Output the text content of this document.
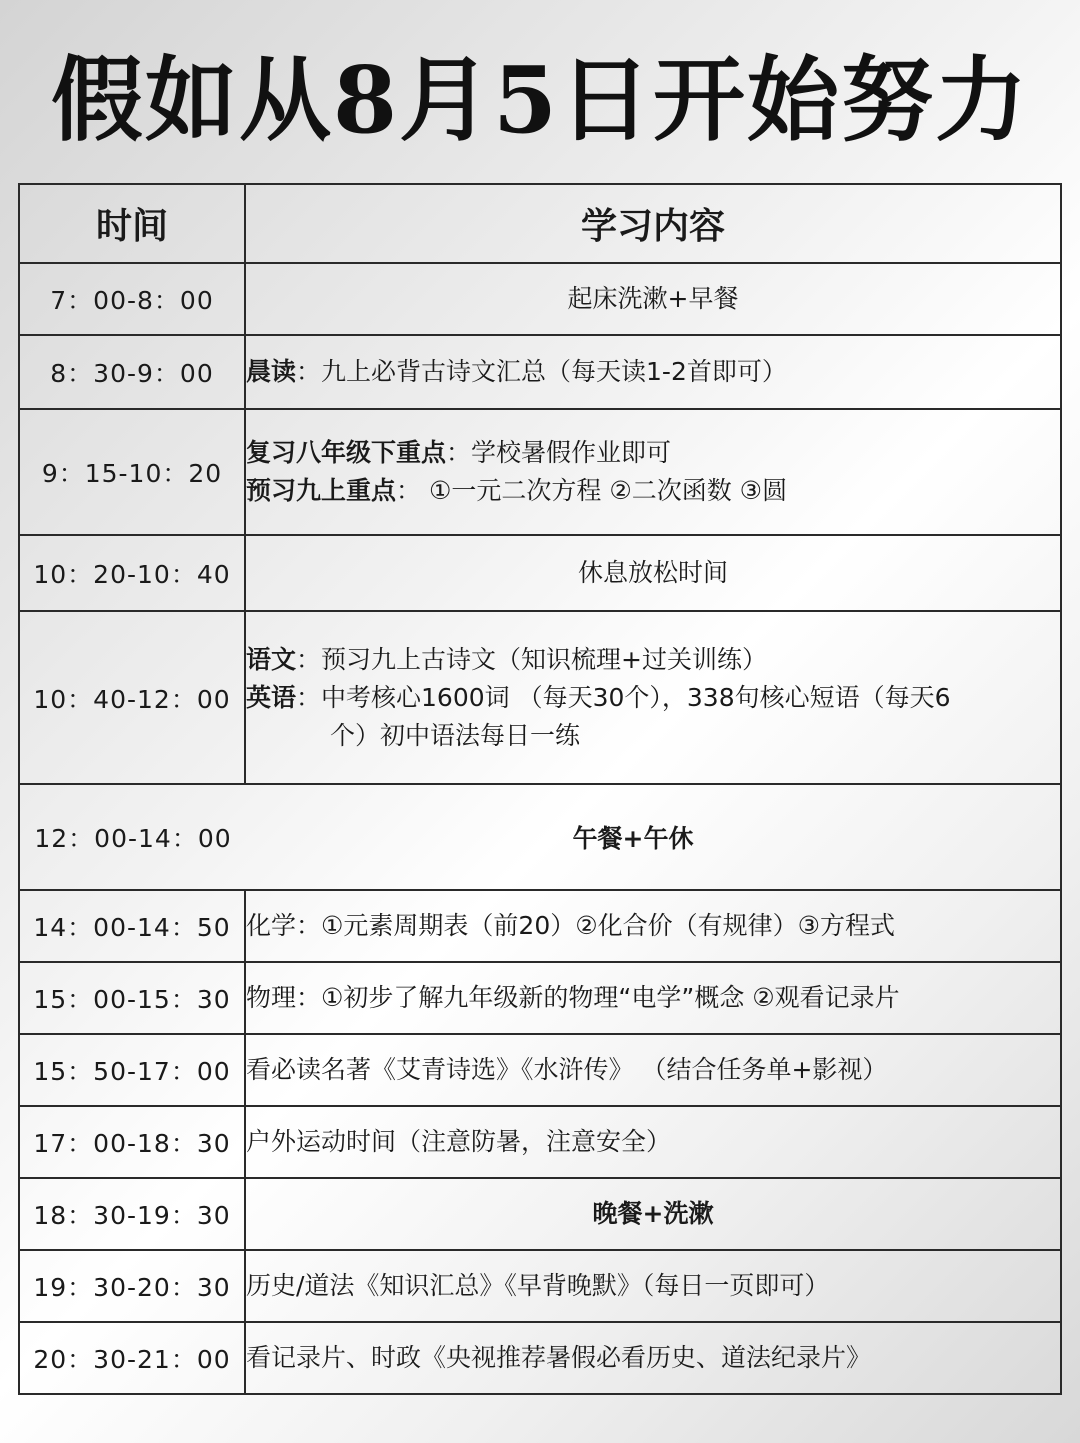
假如从8月5日开始努力
时间	学习内容
7：00-8：00	起床洗漱+早餐
8：30-9：00	晨读：九上必背古诗文汇总（每天读1-2首即可）
9：15-10：20	复习八年级下重点：学校暑假作业即可
预习九上重点： ①一元二次方程 ②二次函数 ③圆

10：20-10：40	休息放松时间
10：40-12：00	语文：预习九上古诗文（知识梳理+过关训练）
英语：中考核心1600词 （每天30个），338句核心短语（每天6
个）初中语法每日一练

12：00-14：00 午餐+午休	

14：00-14：50	化学：①元素周期表（前20）②化合价（有规律）③方程式
15：00-15：30	物理：①初步了解九年级新的物理“电学”概念 ②观看记录片
15：50-17：00	看必读名著《艾青诗选》《水浒传》 （结合任务单+影视）
17：00-18：30	户外运动时间（注意防暑，注意安全）
18：30-19：30	晚餐+洗漱
19：30-20：30	历史/道法《知识汇总》《早背晚默》（每日一页即可）
20：30-21：00	看记录片、时政《央视推荐暑假必看历史、道法纪录片》
